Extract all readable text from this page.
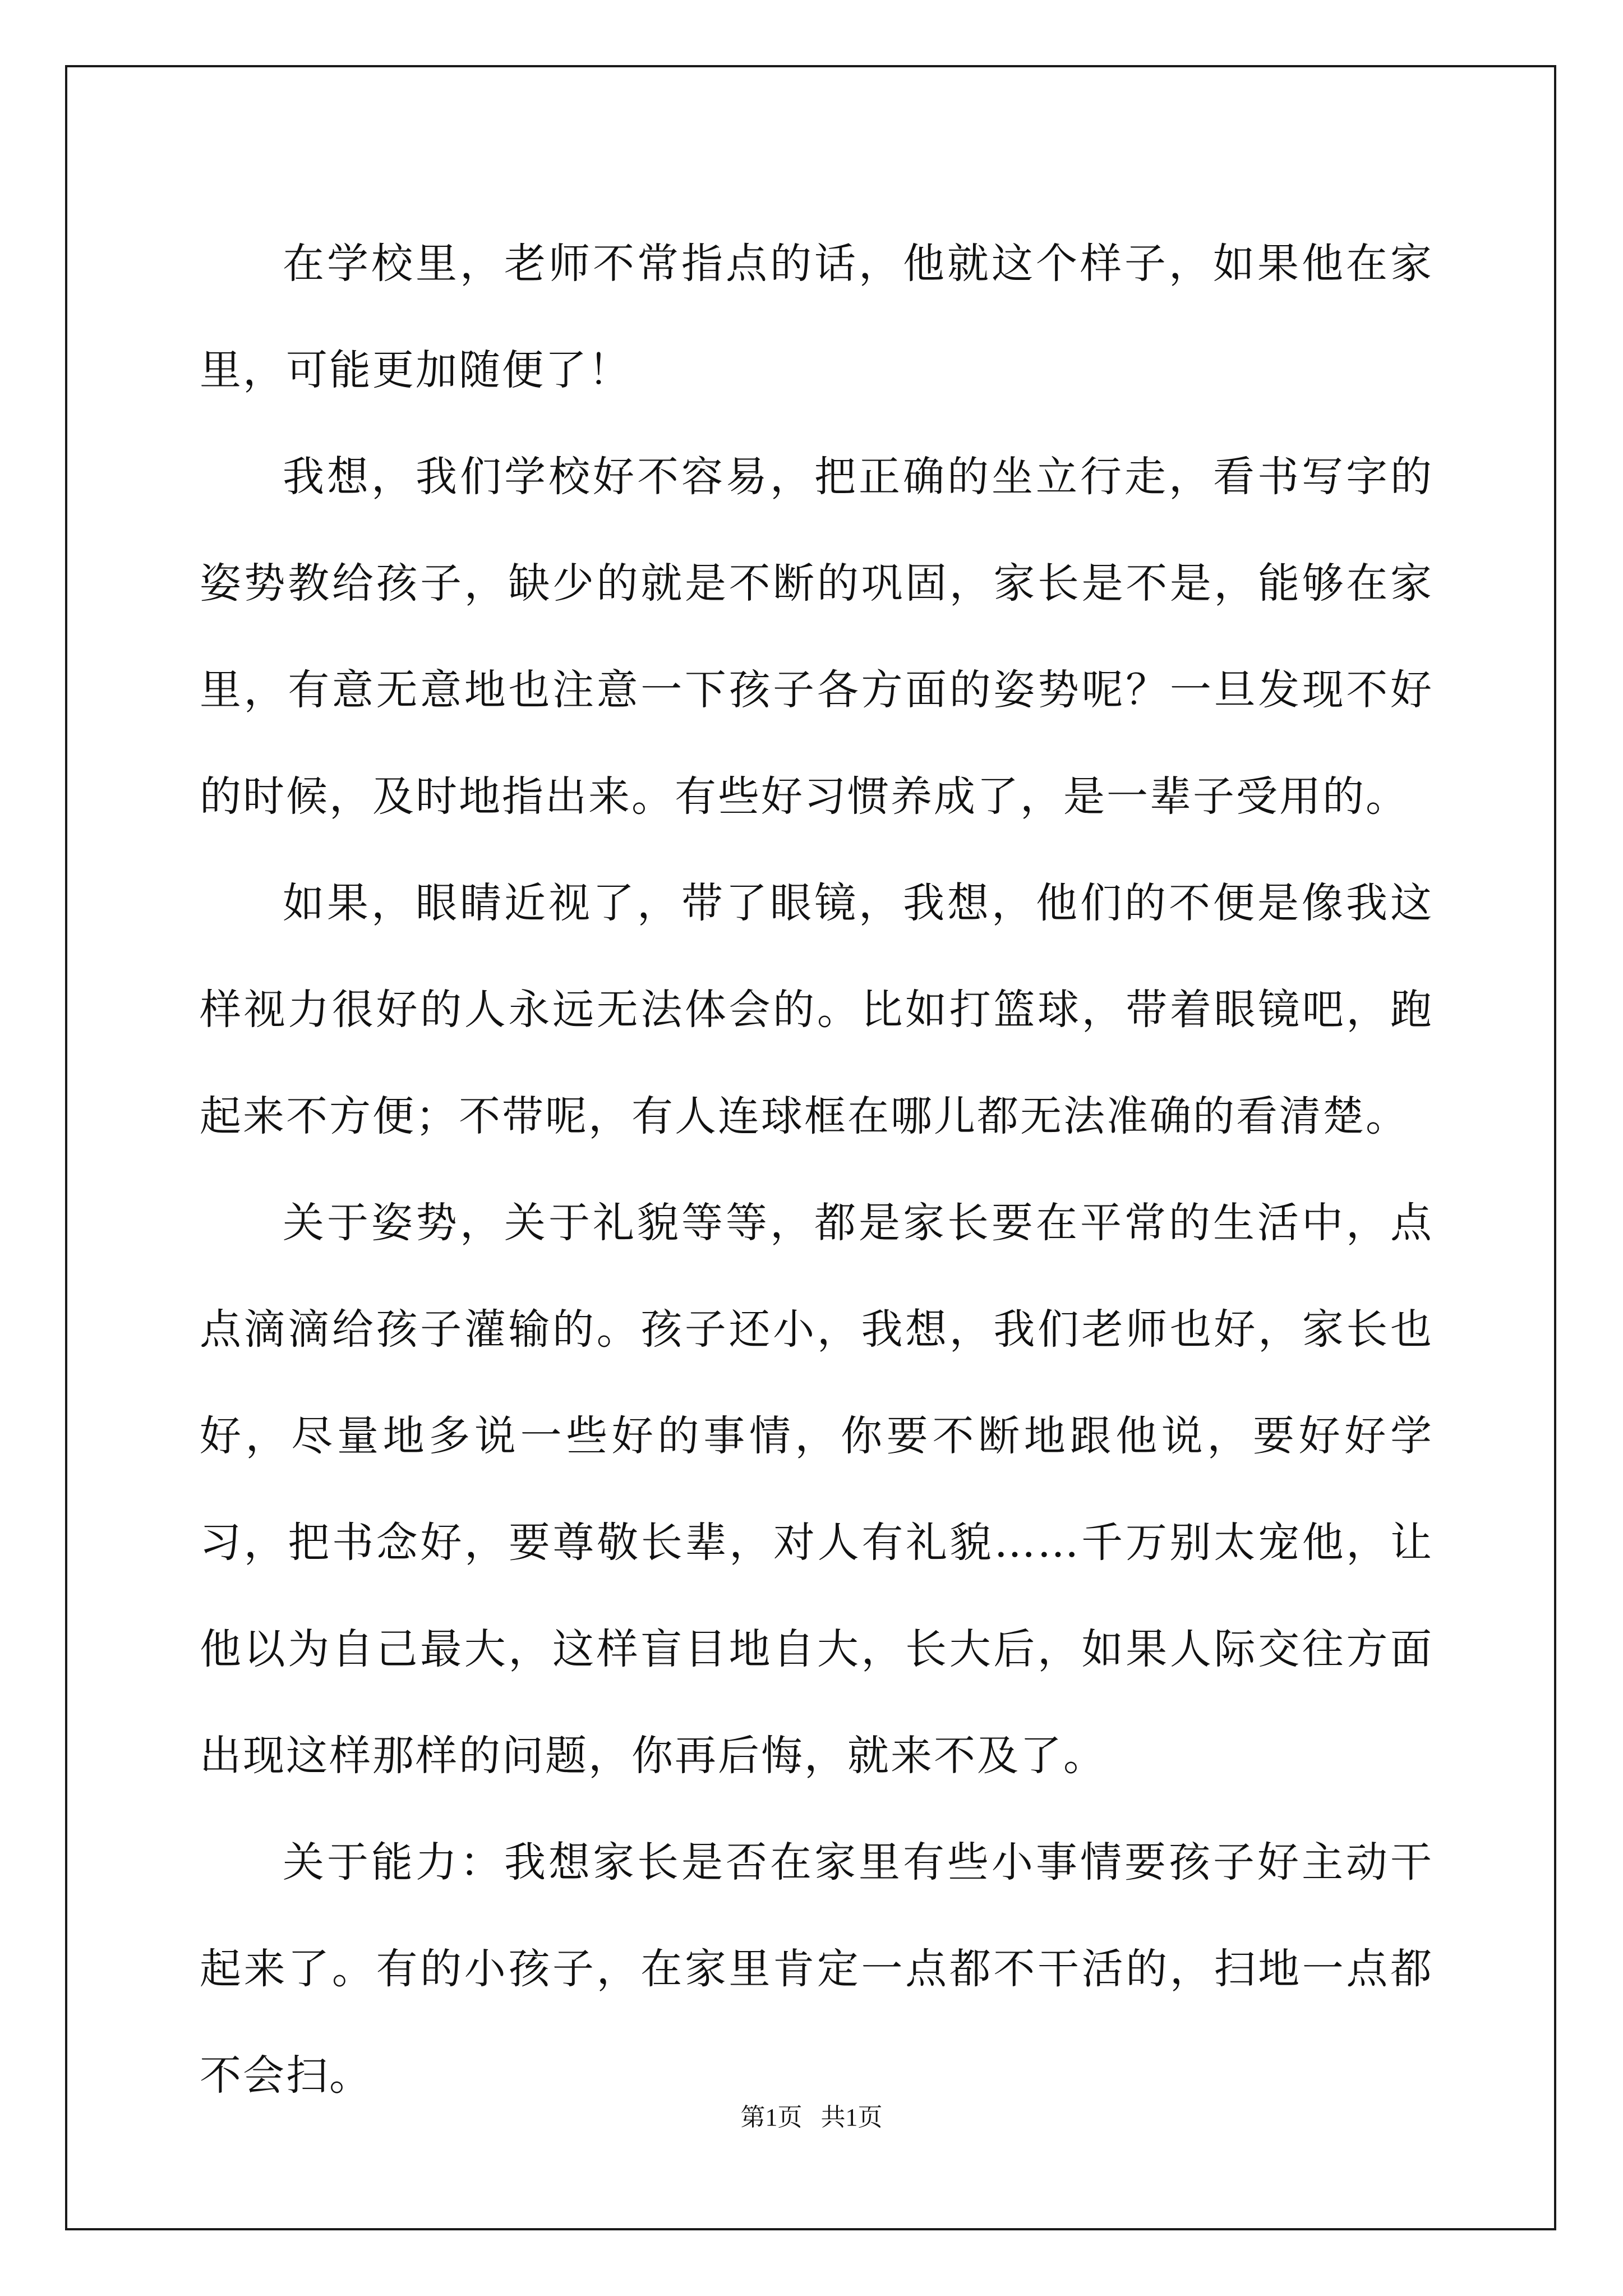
在学校里，老师不常指点的话，他就这个样子，如果他在家里，可能更加随便了！

我想，我们学校好不容易，把正确的坐立行走，看书写字的姿势教给孩子，缺少的就是不断的巩固，家长是不是，能够在家里，有意无意地也注意一下孩子各方面的姿势呢？一旦发现不好的时候，及时地指出来。有些好习惯养成了，是一辈子受用的。

如果，眼睛近视了，带了眼镜，我想，他们的不便是像我这样视力很好的人永远无法体会的。比如打篮球，带着眼镜吧，跑起来不方便；不带呢，有人连球框在哪儿都无法准确的看清楚。

关于姿势，关于礼貌等等，都是家长要在平常的生活中，点点滴滴给孩子灌输的。孩子还小，我想，我们老师也好，家长也好，尽量地多说一些好的事情，你要不断地跟他说，要好好学习，把书念好，要尊敬长辈，对人有礼貌……千万别太宠他，让他以为自己最大，这样盲目地自大，长大后，如果人际交往方面出现这样那样的问题，你再后悔，就来不及了。

关于能力：我想家长是否在家里有些小事情要孩子好主动干起来了。有的小孩子，在家里肯定一点都不干活的，扫地一点都不会扫。

第1页   共1页
